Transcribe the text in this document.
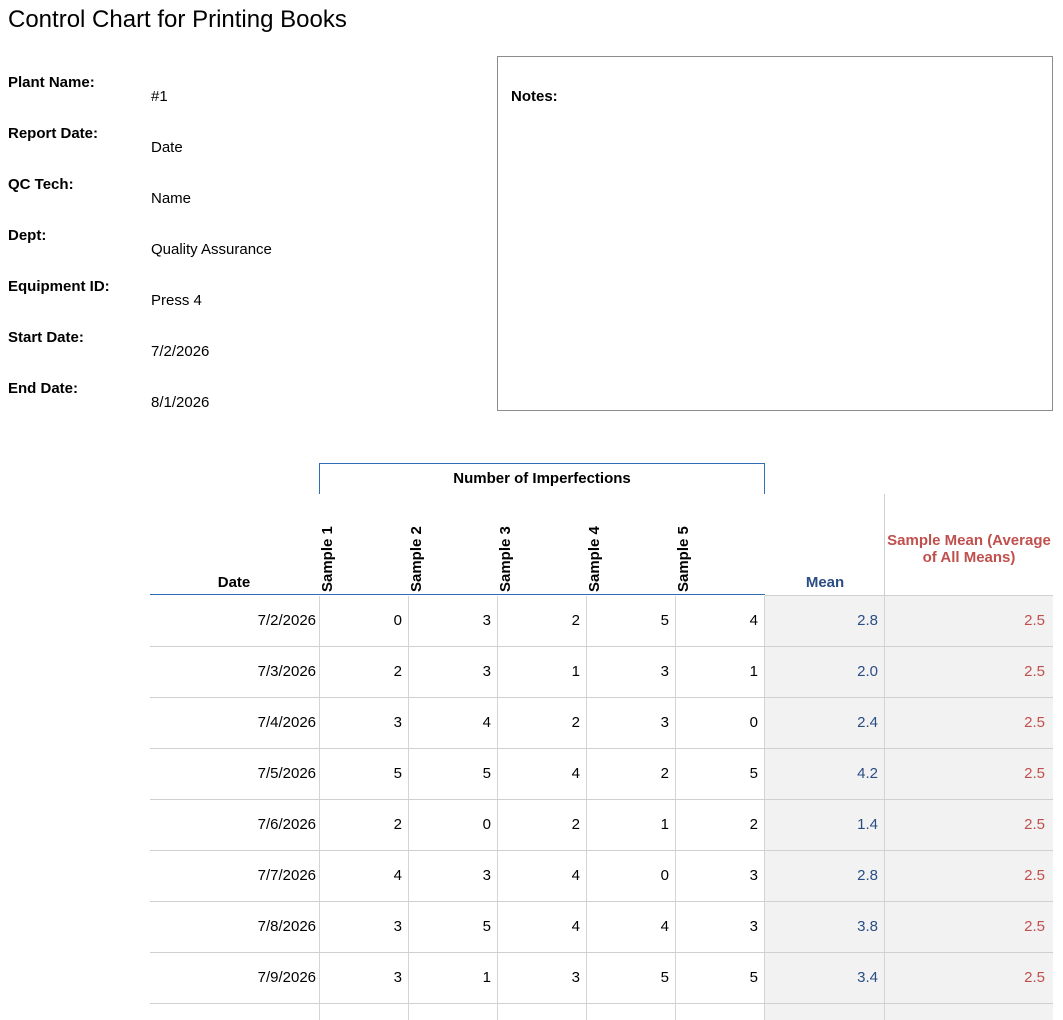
Control Chart for Printing Books
Plant Name:
#1
Report Date:
Date
QC Tech:
Name
Dept:
Quality Assurance
Equipment ID:
Press 4
Start Date:
7/2/2026
End Date:
8/1/2026
Notes:
Number of Imperfections
Date	Sample 1	Sample 2	Sample 3	Sample 4	Sample 5	Mean
Sample Mean (Average of All Means)
7/2/2026	0	3	2	5	4	2.8	2.5
7/3/2026	2	3	1	3	1	2.0	2.5
7/4/2026	3	4	2	3	0	2.4	2.5
7/5/2026	5	5	4	2	5	4.2	2.5
7/6/2026	2	0	2	1	2	1.4	2.5
7/7/2026	4	3	4	0	3	2.8	2.5
7/8/2026	3	5	4	4	3	3.8	2.5
7/9/2026	3	1	3	5	5	3.4	2.5
